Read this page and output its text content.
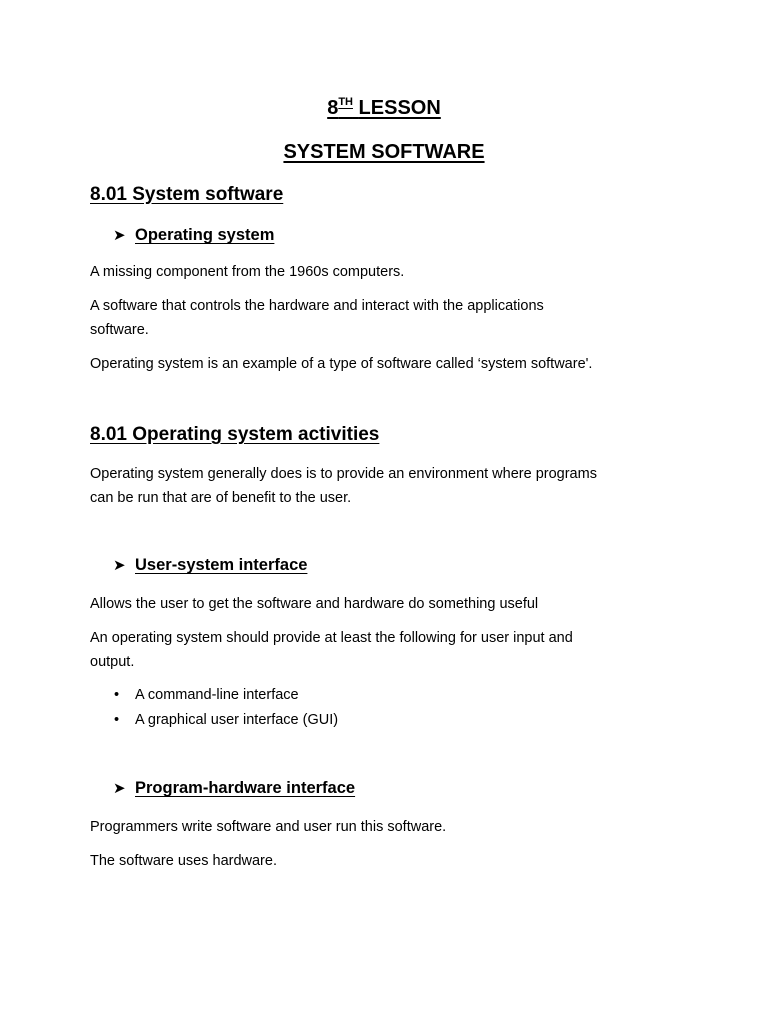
8TH LESSON
SYSTEM SOFTWARE
8.01 System software
➤ Operating system
A missing component from the 1960s computers.
A software that controls the hardware and interact with the applications
software.
Operating system is an example of a type of software called ‘system software'.
8.01 Operating system activities
Operating system generally does is to provide an environment where programs
can be run that are of benefit to the user.
➤ User-system interface
Allows the user to get the software and hardware do something useful
An operating system should provide at least the following for user input and
output.
• A command-line interface
• A graphical user interface (GUI)
➤ Program-hardware interface
Programmers write software and user run this software.
The software uses hardware.
